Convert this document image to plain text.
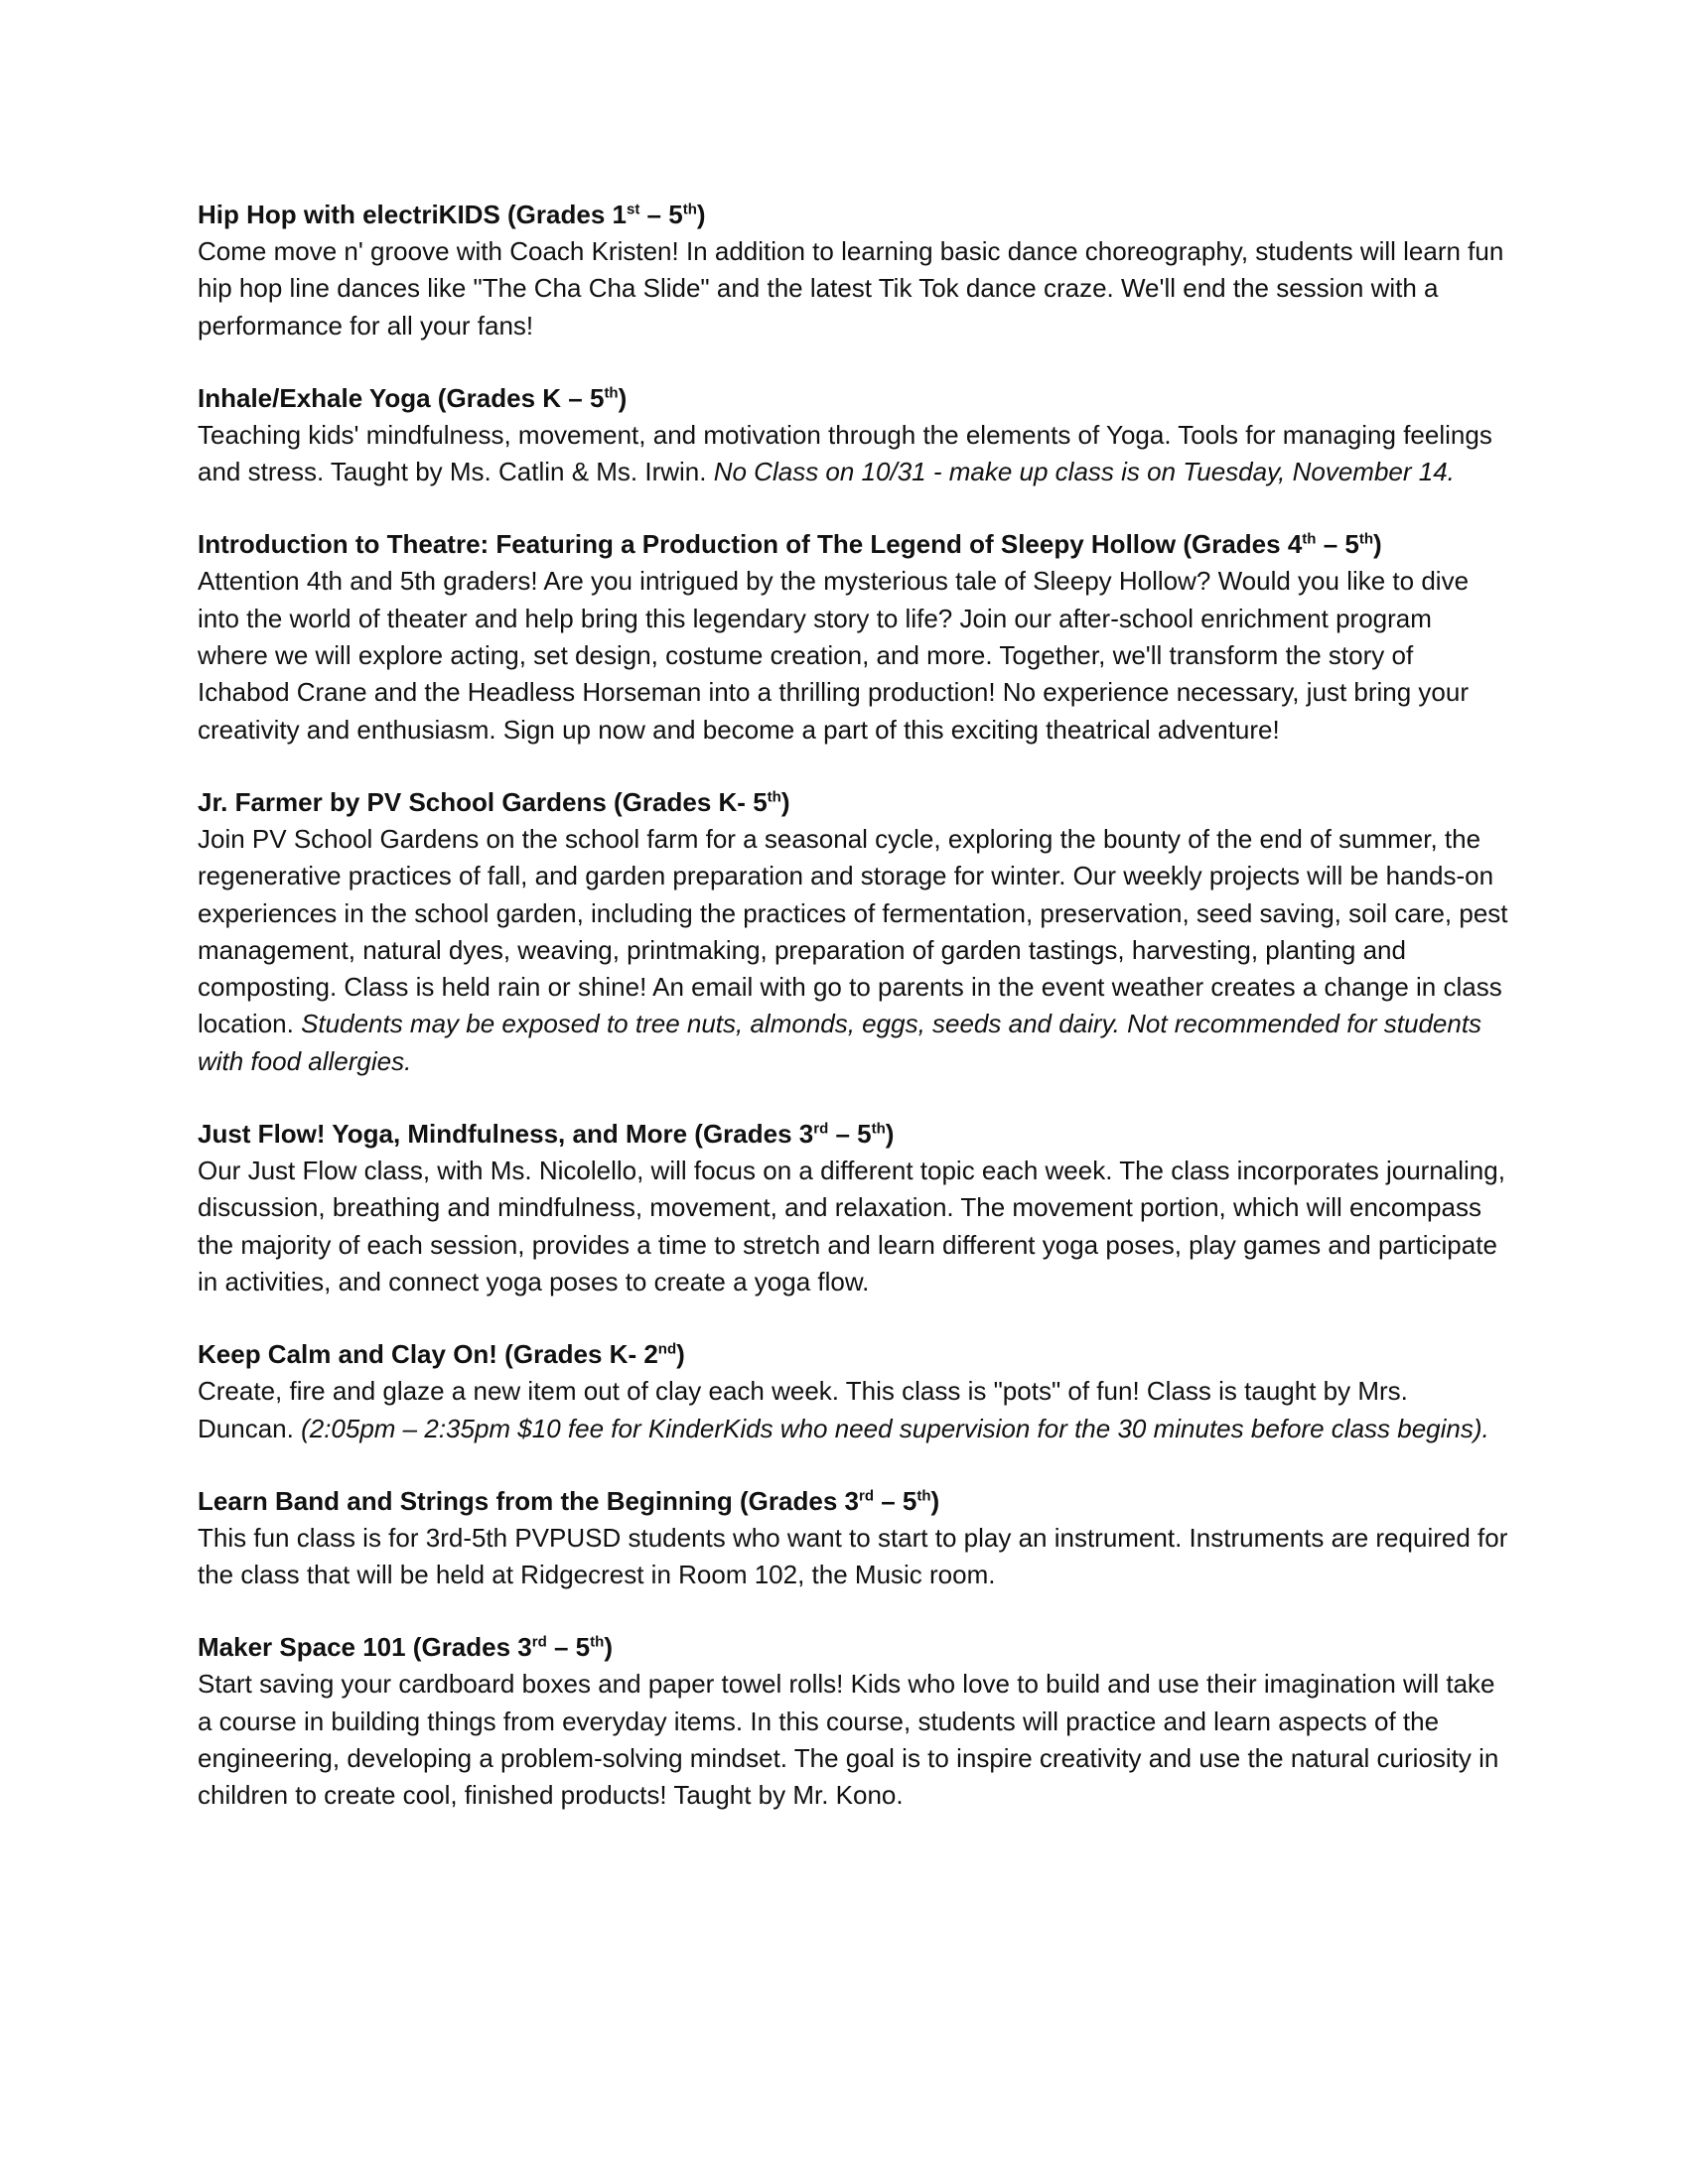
Hip Hop with electriKIDS (Grades 1st – 5th)

Come move n' groove with Coach Kristen! In addition to learning basic dance choreography, students will learn fun hip hop line dances like "The Cha Cha Slide" and the latest Tik Tok dance craze. We'll end the session with a performance for all your fans!

Inhale/Exhale Yoga (Grades K – 5th)

Teaching kids' mindfulness, movement, and motivation through the elements of Yoga. Tools for managing feelings and stress. Taught by Ms. Catlin & Ms. Irwin. No Class on 10/31 - make up class is on Tuesday, November 14.

Introduction to Theatre: Featuring a Production of The Legend of Sleepy Hollow (Grades 4th – 5th)

Attention 4th and 5th graders! Are you intrigued by the mysterious tale of Sleepy Hollow? Would you like to dive into the world of theater and help bring this legendary story to life? Join our after-school enrichment program where we will explore acting, set design, costume creation, and more. Together, we'll transform the story of Ichabod Crane and the Headless Horseman into a thrilling production! No experience necessary, just bring your creativity and enthusiasm. Sign up now and become a part of this exciting theatrical adventure!

Jr. Farmer by PV School Gardens (Grades K- 5th)

Join PV School Gardens on the school farm for a seasonal cycle, exploring the bounty of the end of summer, the regenerative practices of fall, and garden preparation and storage for winter. Our weekly projects will be hands-on experiences in the school garden, including the practices of fermentation, preservation, seed saving, soil care, pest management, natural dyes, weaving, printmaking, preparation of garden tastings, harvesting, planting and composting. Class is held rain or shine! An email with go to parents in the event weather creates a change in class location. Students may be exposed to tree nuts, almonds, eggs, seeds and dairy. Not recommended for students with food allergies.

Just Flow! Yoga, Mindfulness, and More (Grades 3rd – 5th)

Our Just Flow class, with Ms. Nicolello, will focus on a different topic each week. The class incorporates journaling, discussion, breathing and mindfulness, movement, and relaxation. The movement portion, which will encompass the majority of each session, provides a time to stretch and learn different yoga poses, play games and participate in activities, and connect yoga poses to create a yoga flow.

Keep Calm and Clay On! (Grades K- 2nd)

Create, fire and glaze a new item out of clay each week. This class is "pots" of fun! Class is taught by Mrs. Duncan. (2:05pm – 2:35pm $10 fee for KinderKids who need supervision for the 30 minutes before class begins).

Learn Band and Strings from the Beginning (Grades 3rd – 5th)

This fun class is for 3rd-5th PVPUSD students who want to start to play an instrument. Instruments are required for the class that will be held at Ridgecrest in Room 102, the Music room.

Maker Space 101 (Grades 3rd – 5th)

Start saving your cardboard boxes and paper towel rolls! Kids who love to build and use their imagination will take a course in building things from everyday items. In this course, students will practice and learn aspects of the engineering, developing a problem-solving mindset. The goal is to inspire creativity and use the natural curiosity in children to create cool, finished products! Taught by Mr. Kono.
